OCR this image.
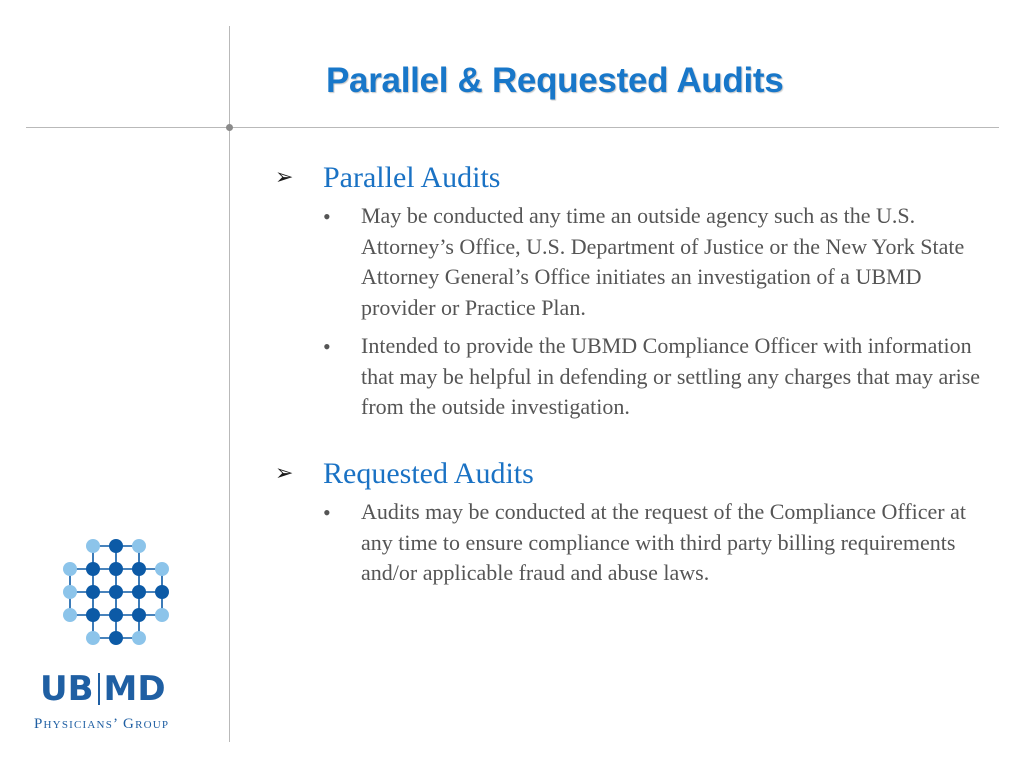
Parallel & Requested Audits
➢ Parallel Audits
•	May be conducted any time an outside agency such as the U.S. Attorney’s Office, U.S. Department of Justice or the New York State Attorney General’s Office initiates an investigation of a UBMD provider or Practice Plan.
•	Intended to provide the UBMD Compliance Officer with information that may be helpful in defending or settling any charges that may arise from the outside investigation.
➢ Requested Audits
•	Audits may be conducted at the request of the Compliance Officer at any time to ensure compliance with third party billing requirements and/or applicable fraud and abuse laws.
UB MD
Physicians’ Group
